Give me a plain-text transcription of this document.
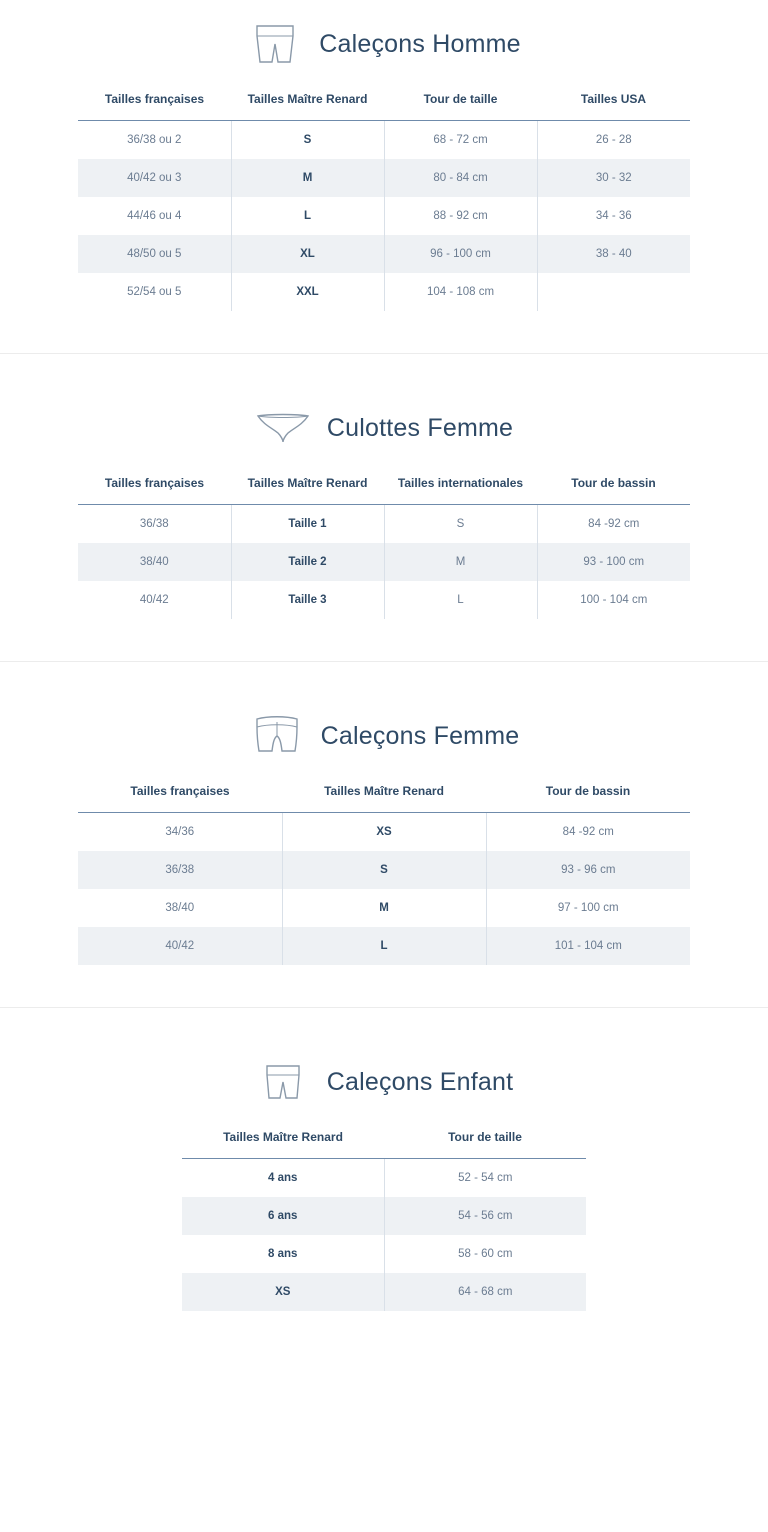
Caleçons Homme
Tailles françaises	Tailles Maître Renard	Tour de taille	Tailles USA
36/38 ou 2	S	68 - 72 cm	26 - 28
40/42 ou 3	M	80 - 84 cm	30 - 32
44/46 ou 4	L	88 - 92 cm	34 - 36
48/50 ou 5	XL	96 - 100 cm	38 - 40
52/54 ou 5	XXL	104 - 108 cm	
Culottes Femme
Tailles françaises	Tailles Maître Renard	Tailles internationales	Tour de bassin
36/38	Taille 1	S	84 -92 cm
38/40	Taille 2	M	93 - 100 cm
40/42	Taille 3	L	100 - 104 cm
Caleçons Femme
Tailles françaises	Tailles Maître Renard	Tour de bassin
34/36	XS	84 -92 cm
36/38	S	93 - 96 cm
38/40	M	97 - 100 cm
40/42	L	101 - 104 cm
Caleçons Enfant
Tailles Maître Renard	Tour de taille
4 ans	52 - 54 cm
6 ans	54 - 56 cm
8 ans	58 - 60 cm
XS	64 - 68 cm
